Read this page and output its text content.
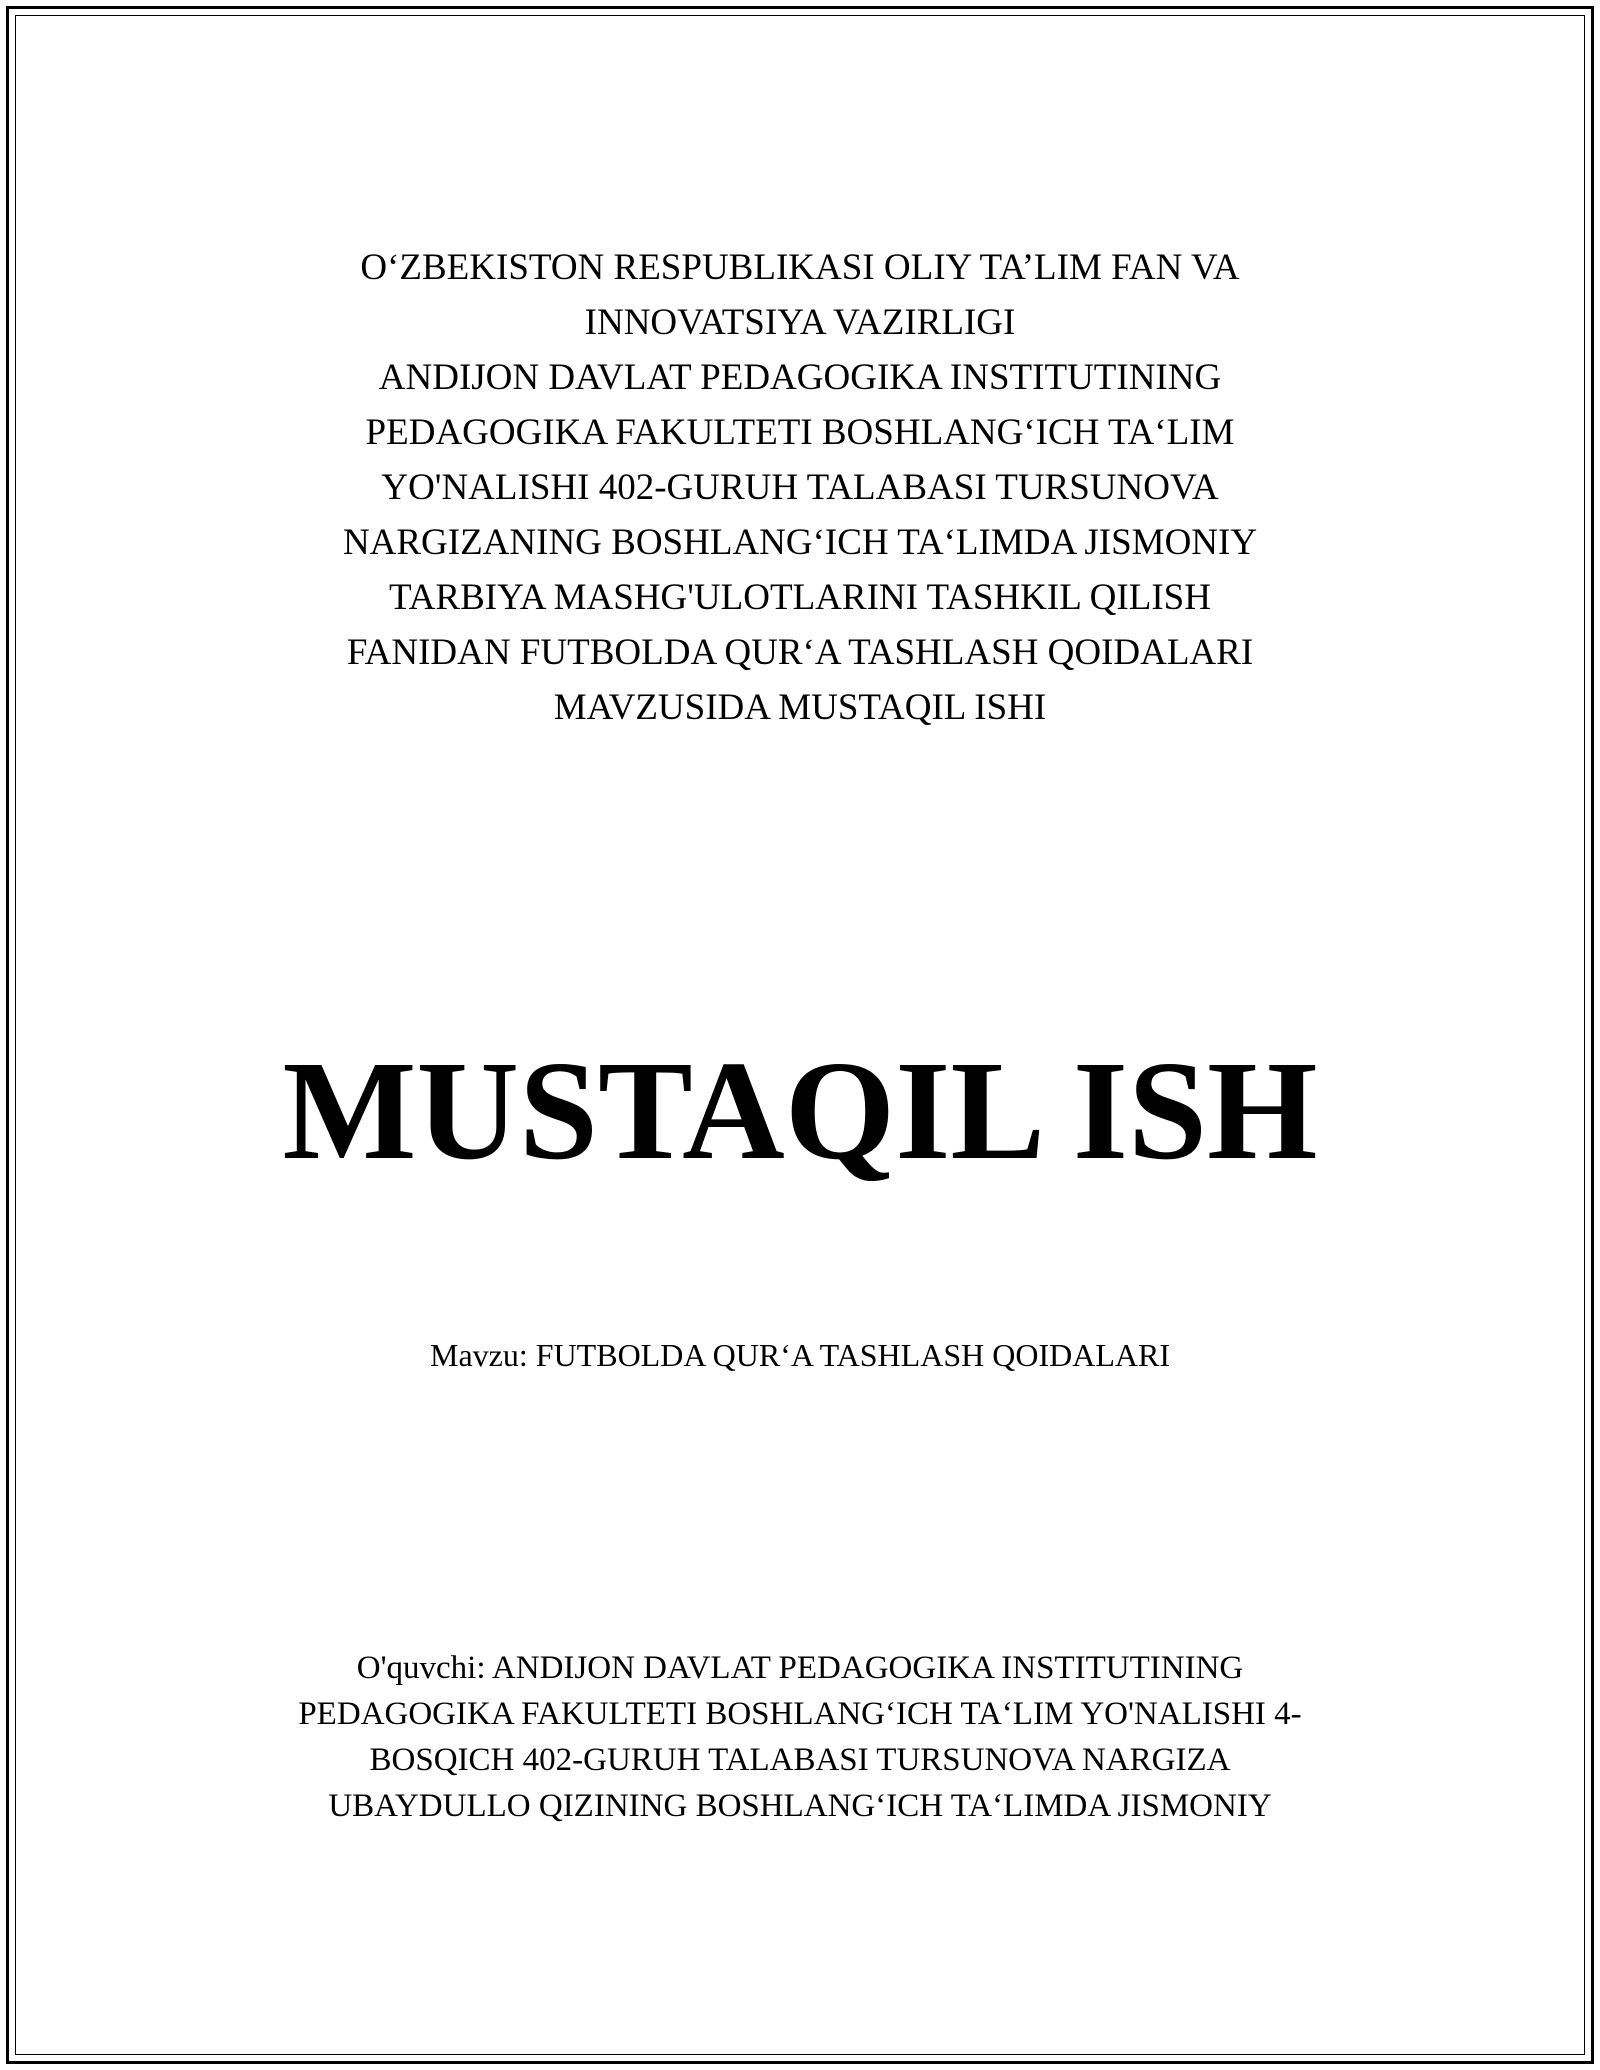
O‘ZBEKISTON RESPUBLIKASI OLIY TA’LIM FAN VA
INNOVATSIYA VAZIRLIGI
ANDIJON DAVLAT PEDAGOGIKA INSTITUTINING
PEDAGOGIKA FAKULTETI BOSHLANG‘ICH TA‘LIM
YO'NALISHI 402-GURUH TALABASI TURSUNOVA
NARGIZANING BOSHLANG‘ICH TA‘LIMDA JISMONIY
TARBIYA MASHG'ULOTLARINI TASHKIL QILISH
FANIDAN FUTBOLDA QUR‘A TASHLASH QOIDALARI
MAVZUSIDA MUSTAQIL ISHI
MUSTAQIL ISH
Mavzu: FUTBOLDA QUR‘A TASHLASH QOIDALARI
O'quvchi: ANDIJON DAVLAT PEDAGOGIKA INSTITUTINING
PEDAGOGIKA FAKULTETI BOSHLANG‘ICH TA‘LIM YO'NALISHI 4-
BOSQICH 402-GURUH TALABASI TURSUNOVA NARGIZA
UBAYDULLO QIZINING BOSHLANG‘ICH TA‘LIMDA JISMONIY
